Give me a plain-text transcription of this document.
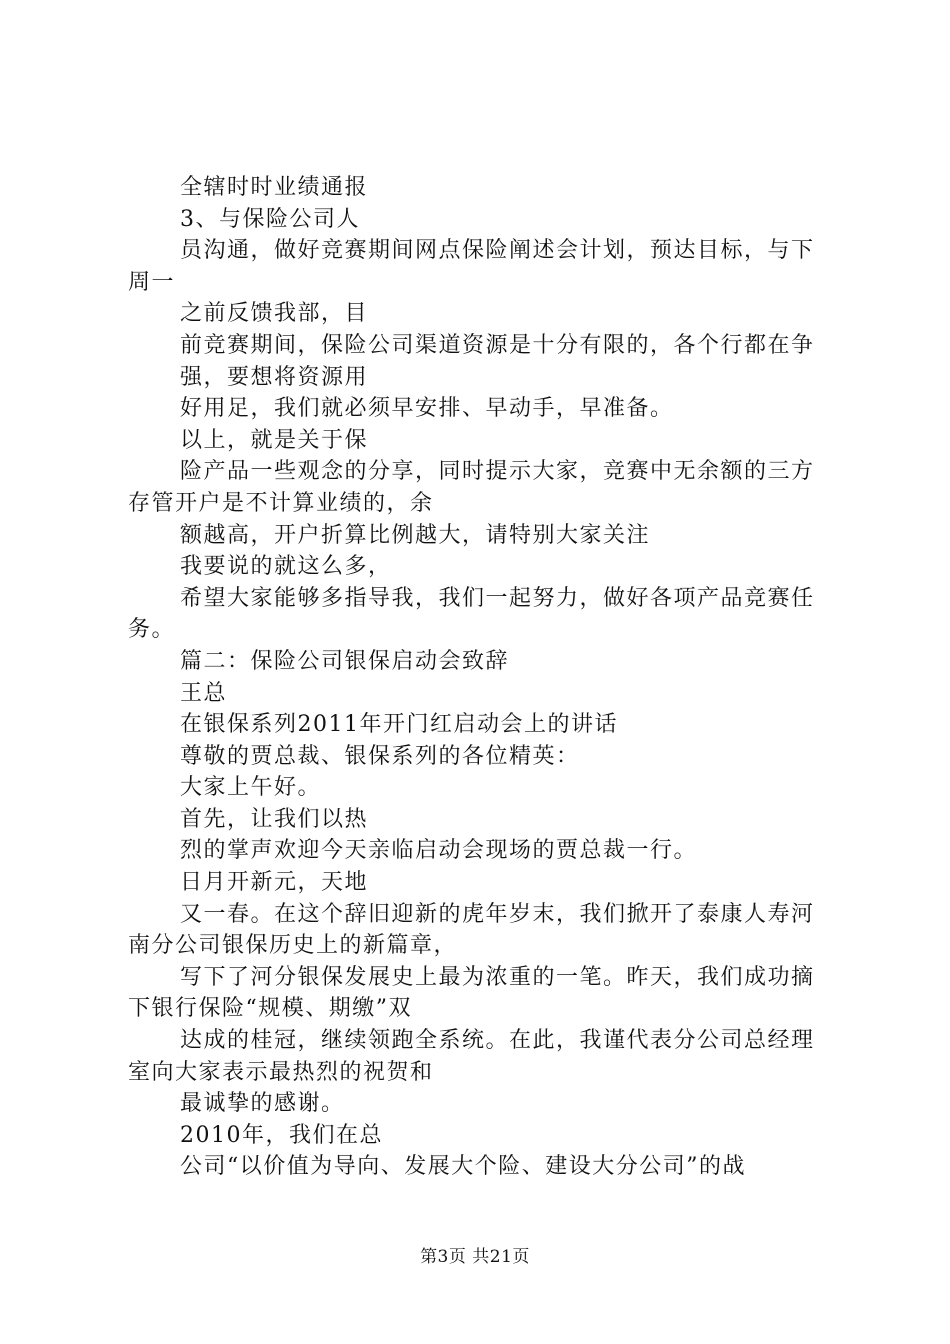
全辖时时业绩通报

3、与保险公司人

员沟通，做好竞赛期间网点保险阐述会计划，预达目标，与下周一

之前反馈我部，目

前竞赛期间，保险公司渠道资源是十分有限的，各个行都在争

强，要想将资源用

好用足，我们就必须早安排、早动手，早准备。

以上，就是关于保

险产品一些观念的分享，同时提示大家，竞赛中无余额的三方存管开户是不计算业绩的，余

额越高，开户折算比例越大，请特别大家关注

我要说的就这么多，

希望大家能够多指导我，我们一起努力，做好各项产品竞赛任务。

篇二：保险公司银保启动会致辞

王总

在银保系列2011年开门红启动会上的讲话

尊敬的贾总裁、银保系列的各位精英：

大家上午好。

首先，让我们以热

烈的掌声欢迎今天亲临启动会现场的贾总裁一行。

日月开新元，天地

又一春。在这个辞旧迎新的虎年岁末，我们掀开了泰康人寿河南分公司银保历史上的新篇章，

写下了河分银保发展史上最为浓重的一笔。昨天，我们成功摘下银行保险“规模、期缴”双

达成的桂冠，继续领跑全系统。在此，我谨代表分公司总经理室向大家表示最热烈的祝贺和

最诚挚的感谢。

2010年，我们在总

公司“以价值为导向、发展大个险、建设大分公司”的战

第3页 共21页
